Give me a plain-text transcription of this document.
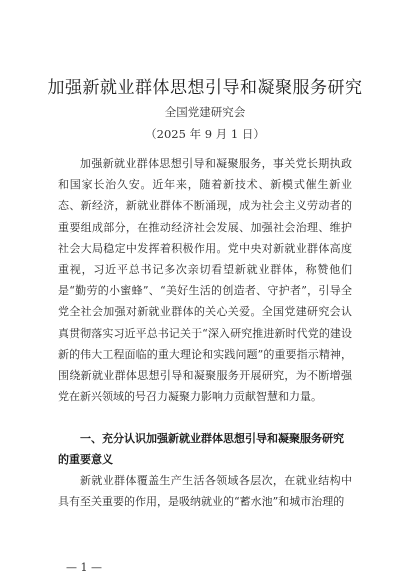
加强新就业群体思想引导和凝聚服务研究
全国党建研究会
（2025 年 9 月 1 日）
加强新就业群体思想引导和凝聚服务，事关党长期执政和国家长治久安。近年来，随着新技术、新模式催生新业态、新经济，新就业群体不断涌现，成为社会主义劳动者的重要组成部分，在推动经济社会发展、加强社会治理、维护社会大局稳定中发挥着积极作用。党中央对新就业群体高度重视，习近平总书记多次亲切看望新就业群体，称赞他们是“勤劳的小蜜蜂”、“美好生活的创造者、守护者”，引导全党全社会加强对新就业群体的关心关爱。全国党建研究会认真贯彻落实习近平总书记关于“深入研究推进新时代党的建设新的伟大工程面临的重大理论和实践问题”的重要指示精神，围绕新就业群体思想引导和凝聚服务开展研究，为不断增强党在新兴领域的号召力凝聚力影响力贡献智慧和力量。
一、充分认识加强新就业群体思想引导和凝聚服务研究的重要意义
新就业群体覆盖生产生活各领域各层次，在就业结构中具有至关重要的作用，是吸纳就业的“蓄水池”和城市治理的
— 1 —
